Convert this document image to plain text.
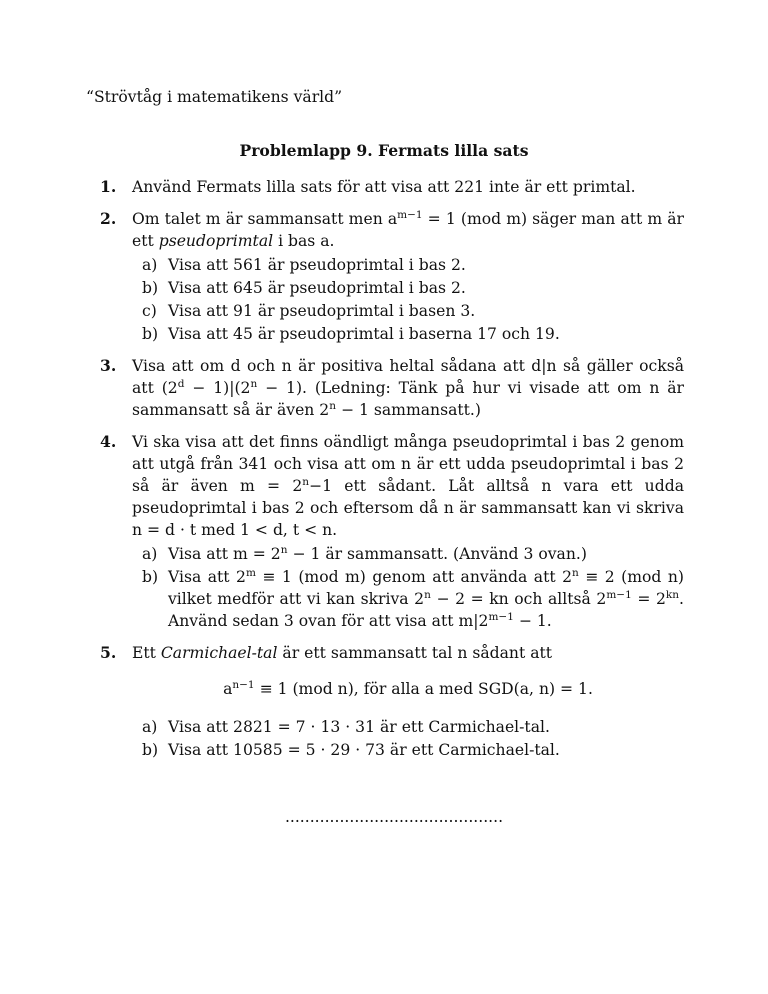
“Strövtåg i matematikens värld”
Problemlapp 9. Fermats lilla sats
1. Använd Fermats lilla sats för att visa att 221 inte är ett primtal.
2. Om talet m är sammansatt men $a^{m-1} = 1$ (mod m) säger man att m är ett pseudoprimtal i bas a.
a) Visa att 561 är pseudoprimtal i bas 2.
b) Visa att 645 är pseudoprimtal i bas 2.
c) Visa att 91 är pseudoprimtal i basen 3.
b) Visa att 45 är pseudoprimtal i baserna 17 och 19.
3. Visa att om d och n är positiva heltal sådana att d|n så gäller också att $(2^d - 1)|(2^n - 1)$. (Ledning: Tänk på hur vi visade att om n är sammansatt så är även $2^n - 1$ sammansatt.)
4. Vi ska visa att det finns oändligt många pseudoprimtal i bas 2 genom att utgå från 341 och visa att om n är ett udda pseudoprimtal i bas 2 så är även $m = 2^n-1$ ett sådant. Låt alltså n vara ett udda pseudoprimtal i bas 2 och eftersom då n är sammansatt kan vi skriva n = d · t med 1 < d, t < n.
a) Visa att $m = 2^n - 1$ är sammansatt. (Använd 3 ovan.)
b) Visa att $2^m \equiv 1$ (mod m) genom att använda att $2^n \equiv 2$ (mod n) vilket medför att vi kan skriva $2^n - 2$ = kn och alltså $2^{m-1} = 2^{kn}$. Använd sedan 3 ovan för att visa att $m|2^{m-1} - 1$.
5. Ett Carmichael-tal är ett sammansatt tal n sådant att
$a^{n-1} \equiv 1$ (mod n), för alla a med SGD(a, n) = 1.
a) Visa att 2821 = 7 · 13 · 31 är ett Carmichael-tal.
b) Visa att 10585 = 5 · 29 · 73 är ett Carmichael-tal.
............................................
